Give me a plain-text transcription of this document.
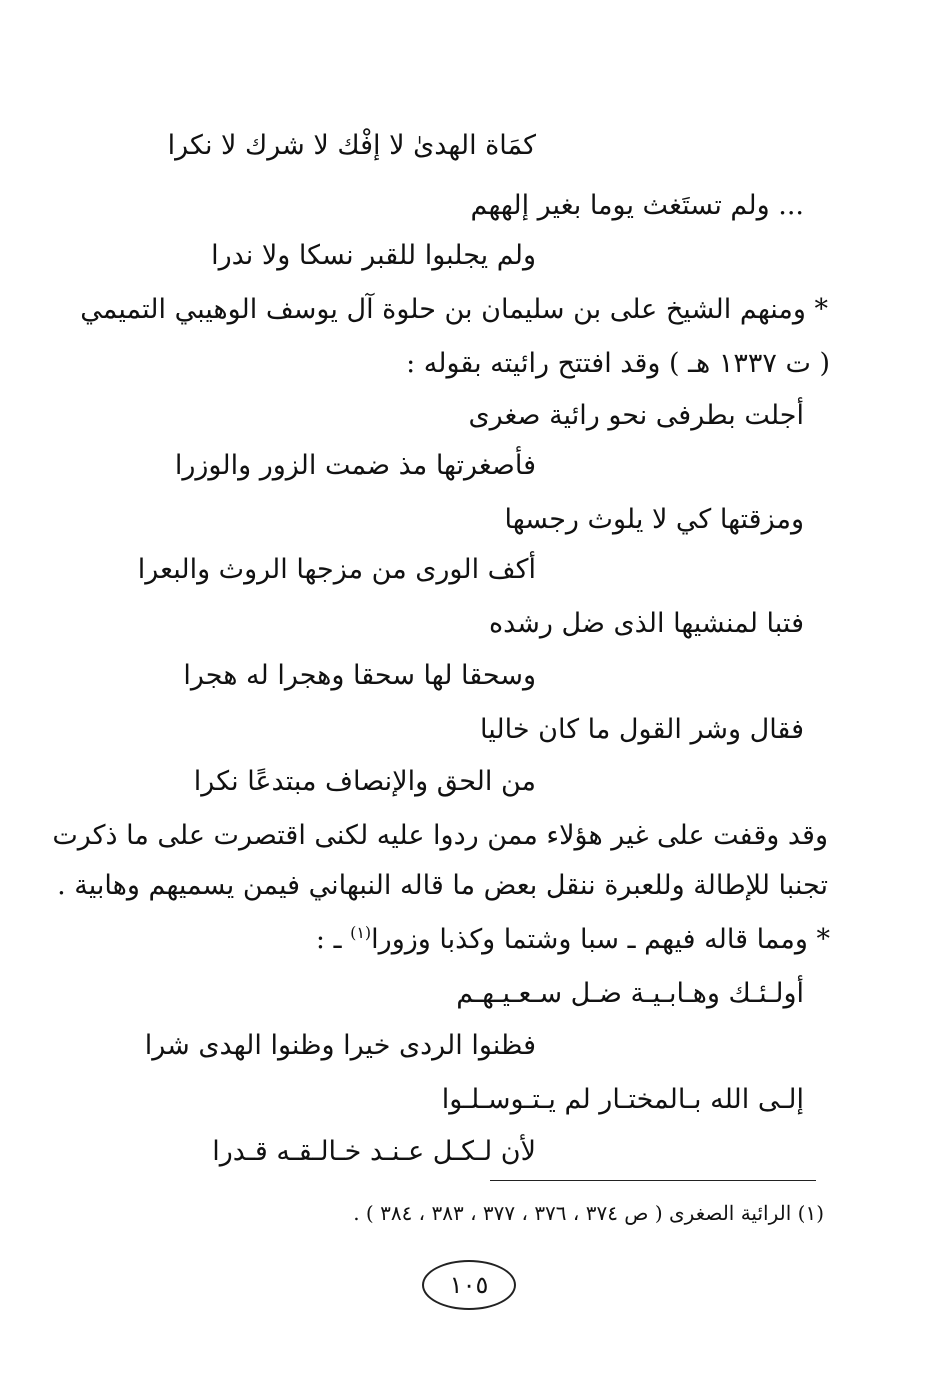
كمَاة الهدىٰ لا إفْك لا شرك لا نكرا
... ولم تستَغث يوما بغير إلههم
ولم يجلبوا للقبر نسكا ولا ندرا
* ومنهم الشيخ على بن سليمان بن حلوة آل يوسف الوهيبي التميمي
( ت ١٣٣٧ هـ ) وقد افتتح رائيته بقوله :
أجلت بطرفى نحو رائية صغرى
فأصغرتها مذ ضمت الزور والوزرا
ومزقتها كي لا يلوث رجسها
أكف الورى من مزجها الروث والبعرا
فتبا لمنشيها الذى ضل رشده
وسحقا لها سحقا وهجرا له هجرا
فقال وشر القول ما كان خاليا
من الحق والإنصاف مبتدعًا نكرا
وقد وقفت على غير هؤلاء ممن ردوا عليه لكنى اقتصرت على ما ذكرت
تجنبا للإطالة وللعبرة ننقل بعض ما قاله النبهاني فيمن يسميهم وهابية .
* ومما قاله فيهم ـ سبا وشتما وكذبا وزورا$^{(١)}$ ـ :
أولـئـك وهـابـيـة ضـل سـعـيـهـم
فظنوا الردى خيرا وظنوا الهدى شرا
إلـى الله بـالمختـار لم يـتـوسـلـوا
لأن لـكـل عـنـد خـالـقـه قـدرا
(١) الرائية الصغرى ( ص ٣٧٤ ، ٣٧٦ ، ٣٧٧ ، ٣٨٣ ، ٣٨٤ ) .
١٠٥
